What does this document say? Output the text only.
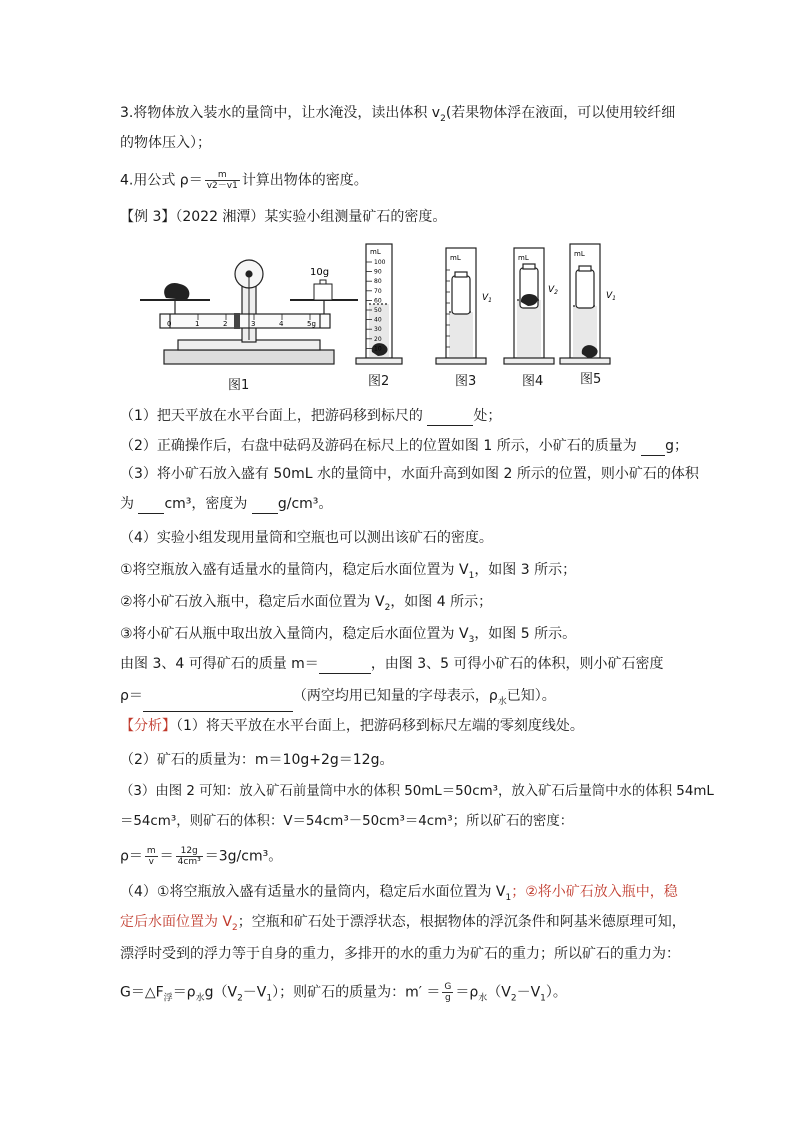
3.将物体放入装水的量筒中，让水淹没，读出体积 $v_2$(若果物体浮在液面，可以使用较纤细
的物体压入）；
4.用公式 $\rho= \frac{m}{v2-v1}$ 计算出物体的密度。
【例 3】（2022 湘潭）某实验小组测量矿石的密度。
10g
0	1	2	3	4	5g
mL
100
90
80
70
60
50
40
30
20
10
mL
$V_1$
mL
$V_2$
mL
$V_1$
图1	图2	图3	图4	图5
（1）把天平放在水平台面上，把游码移到标尺的	处；
（2）正确操作后，右盘中砝码及游码在标尺上的位置如图 1 所示，小矿石的质量为 g；
（3）将小矿石放入盛有 50mL 水的量筒中，水面升高到如图 2 所示的位置，则小矿石的体积
为 cm³，密度为 g/cm³。
（4）实验小组发现用量筒和空瓶也可以测出该矿石的密度。
①将空瓶放入盛有适量水的量筒内，稳定后水面位置为 $V_1$，如图 3 所示；
②将小矿石放入瓶中，稳定后水面位置为 $V_2$，如图 4 所示；
③将小矿石从瓶中取出放入量筒内，稳定后水面位置为 $V_3$，如图 5 所示。
由图 3、4 可得矿石的质量 m＝	，由图 3、5 可得小矿石的体积，则小矿石密度
ρ＝	（两空均用已知量的字母表示，$\rho_水$已知）。
【分析】（1）将天平放在水平台面上，把游码移到标尺左端的零刻度线处。
（2）矿石的质量为：m＝10g+2g＝12g。
（3）由图 2 可知：放入矿石前量筒中水的体积 50mL＝50cm³，放入矿石后量筒中水的体积 54mL
＝54cm³，则矿石的体积：V＝54cm³－50cm³＝4cm³；所以矿石的密度：
$\rho= \frac{m}{v} = \frac{12g}{\text{4cm³}} =3g/cm^3$。
（4）①将空瓶放入盛有适量水的量筒内，稳定后水面位置为 $V_1$；②将小矿石放入瓶中，稳
定后水面位置为 $V_2$；空瓶和矿石处于漂浮状态，根据物体的浮沉条件和阿基米德原理可知，
漂浮时受到的浮力等于自身的重力，多排开的水的重力为矿石的重力；所以矿石的重力为：
$G=\triangle F_浮=\rho_水g(V_2-V_1)$；则矿石的质量为：$m' = \frac{G}{g} =\rho_水(V_2-V_1)$。
